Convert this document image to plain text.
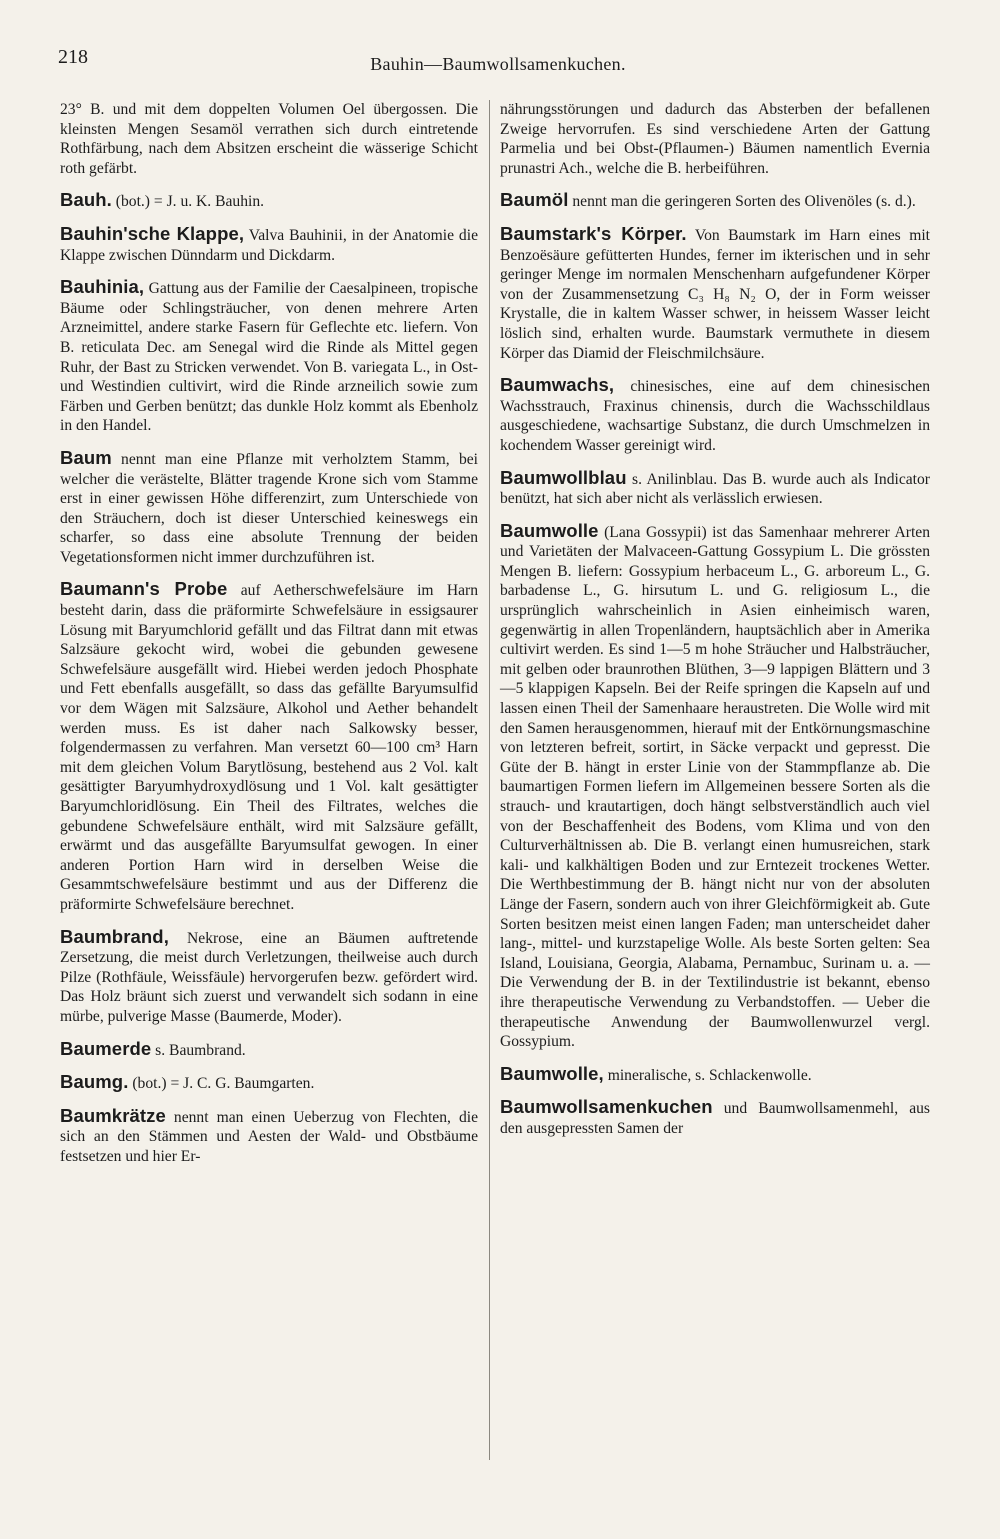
218	Bauhin—Baumwollsamenkuchen.

23° B. und mit dem doppelten Volumen Oel übergossen. Die kleinsten Mengen Sesamöl verrathen sich durch eintretende Rothfärbung, nach dem Absitzen erscheint die wässerige Schicht roth gefärbt.

Bauh. (bot.) = J. u. K. Bauhin.

Bauhin'sche Klappe, Valva Bauhinii, in der Anatomie die Klappe zwischen Dünndarm und Dickdarm.

Bauhinia, Gattung aus der Familie der Caesalpineen, tropische Bäume oder Schlingsträucher, von denen mehrere Arten Arzneimittel, andere starke Fasern für Geflechte etc. liefern. Von B. reticulata Dec. am Senegal wird die Rinde als Mittel gegen Ruhr, der Bast zu Stricken verwendet. Von B. variegata L., in Ost- und Westindien cultivirt, wird die Rinde arzneilich sowie zum Färben und Gerben benützt; das dunkle Holz kommt als Ebenholz in den Handel.

Baum nennt man eine Pflanze mit verholztem Stamm, bei welcher die verästelte, Blätter tragende Krone sich vom Stamme erst in einer gewissen Höhe differenzirt, zum Unterschiede von den Sträuchern, doch ist dieser Unterschied keineswegs ein scharfer, so dass eine absolute Trennung der beiden Vegetationsformen nicht immer durchzuführen ist.

Baumann's Probe auf Aetherschwefelsäure im Harn besteht darin, dass die präformirte Schwefelsäure in essigsaurer Lösung mit Baryumchlorid gefällt und das Filtrat dann mit etwas Salzsäure gekocht wird, wobei die gebunden gewesene Schwefelsäure ausgefällt wird. Hiebei werden jedoch Phosphate und Fett ebenfalls ausgefällt, so dass das gefällte Baryumsulfid vor dem Wägen mit Salzsäure, Alkohol und Aether behandelt werden muss. Es ist daher nach Salkowsky besser, folgendermassen zu verfahren. Man versetzt 60—100 cm³ Harn mit dem gleichen Volum Barytlösung, bestehend aus 2 Vol. kalt gesättigter Baryumhydroxydlösung und 1 Vol. kalt gesättigter Baryumchloridlösung. Ein Theil des Filtrates, welches die gebundene Schwefelsäure enthält, wird mit Salzsäure gefällt, erwärmt und das ausgefällte Baryumsulfat gewogen. In einer anderen Portion Harn wird in derselben Weise die Gesammtschwefelsäure bestimmt und aus der Differenz die präformirte Schwefelsäure berechnet.

Baumbrand, Nekrose, eine an Bäumen auftretende Zersetzung, die meist durch Verletzungen, theilweise auch durch Pilze (Rothfäule, Weissfäule) hervorgerufen bezw. gefördert wird. Das Holz bräunt sich zuerst und verwandelt sich sodann in eine mürbe, pulverige Masse (Baumerde, Moder).

Baumerde s. Baumbrand.

Baumg. (bot.) = J. C. G. Baumgarten.

Baumkrätze nennt man einen Ueberzug von Flechten, die sich an den Stämmen und Aesten der Wald- und Obstbäume festsetzen und hier Er-

nährungsstörungen und dadurch das Absterben der befallenen Zweige hervorrufen. Es sind verschiedene Arten der Gattung Parmelia und bei Obst-(Pflaumen-) Bäumen namentlich Evernia prunastri Ach., welche die B. herbeiführen.

Baumöl nennt man die geringeren Sorten des Olivenöles (s. d.).

Baumstark's Körper. Von Baumstark im Harn eines mit Benzoësäure gefütterten Hundes, ferner im ikterischen und in sehr geringer Menge im normalen Menschenharn aufgefundener Körper von der Zusammensetzung C₃ H₈ N₂ O, der in Form weisser Krystalle, die in kaltem Wasser schwer, in heissem Wasser leicht löslich sind, erhalten wurde. Baumstark vermuthete in diesem Körper das Diamid der Fleischmilchsäure.

Baumwachs, chinesisches, eine auf dem chinesischen Wachsstrauch, Fraxinus chinensis, durch die Wachsschildlaus ausgeschiedene, wachsartige Substanz, die durch Umschmelzen in kochendem Wasser gereinigt wird.

Baumwollblau s. Anilinblau. Das B. wurde auch als Indicator benützt, hat sich aber nicht als verlässlich erwiesen.

Baumwolle (Lana Gossypii) ist das Samenhaar mehrerer Arten und Varietäten der Malvaceen-Gattung Gossypium L. Die grössten Mengen B. liefern: Gossypium herbaceum L., G. arboreum L., G. barbadense L., G. hirsutum L. und G. religiosum L., die ursprünglich wahrscheinlich in Asien einheimisch waren, gegenwärtig in allen Tropenländern, hauptsächlich aber in Amerika cultivirt werden. Es sind 1—5 m hohe Sträucher und Halbsträucher, mit gelben oder braunrothen Blüthen, 3—9 lappigen Blättern und 3—5 klappigen Kapseln. Bei der Reife springen die Kapseln auf und lassen einen Theil der Samenhaare heraustreten. Die Wolle wird mit den Samen herausgenommen, hierauf mit der Entkörnungsmaschine von letzteren befreit, sortirt, in Säcke verpackt und gepresst. Die Güte der B. hängt in erster Linie von der Stammpflanze ab. Die baumartigen Formen liefern im Allgemeinen bessere Sorten als die strauch- und krautartigen, doch hängt selbstverständlich auch viel von der Beschaffenheit des Bodens, vom Klima und von den Culturverhältnissen ab. Die B. verlangt einen humusreichen, stark kali- und kalkhältigen Boden und zur Erntezeit trockenes Wetter. Die Werthbestimmung der B. hängt nicht nur von der absoluten Länge der Fasern, sondern auch von ihrer Gleichförmigkeit ab. Gute Sorten besitzen meist einen langen Faden; man unterscheidet daher lang-, mittel- und kurzstapelige Wolle. Als beste Sorten gelten: Sea Island, Louisiana, Georgia, Alabama, Pernambuc, Surinam u. a. — Die Verwendung der B. in der Textilindustrie ist bekannt, ebenso ihre therapeutische Verwendung zu Verbandstoffen. — Ueber die therapeutische Anwendung der Baumwollenwurzel vergl. Gossypium.

Baumwolle, mineralische, s. Schlackenwolle.

Baumwollsamenkuchen und Baumwollsamenmehl, aus den ausgepressten Samen der
